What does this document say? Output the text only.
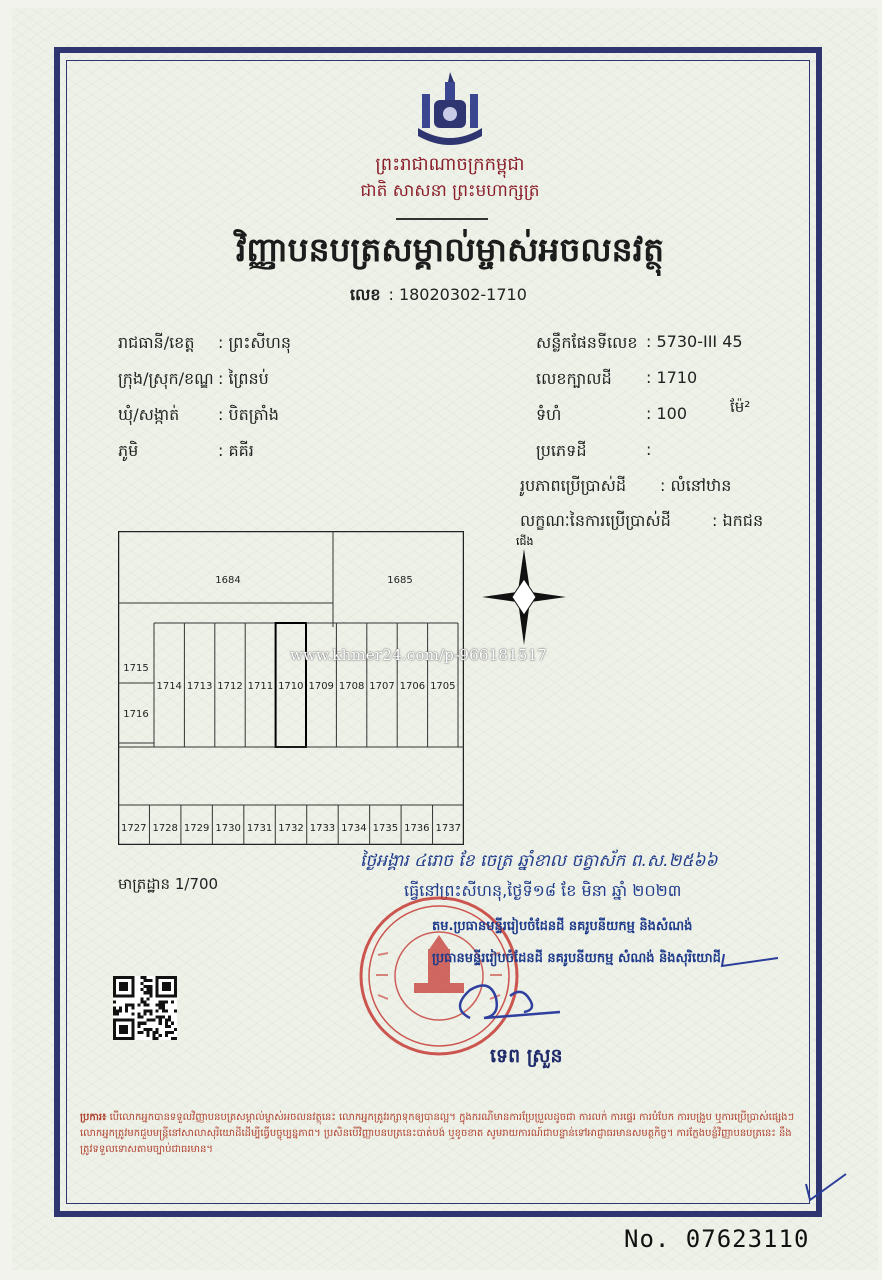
ព្រះរាជាណាចក្រកម្ពុជា
ជាតិ សាសនា ព្រះមហាក្សត្រ
វិញ្ញាបនបត្រសម្គាល់ម្ចាស់អចលនវត្ថុ
លេខ : 18020302-1710
រាជធានី/ខេត្ត : ព្រះសីហនុ
ក្រុង/ស្រុក/ខណ្ឌ : ព្រៃនប់
ឃុំ/សង្កាត់ : បិតត្រាំង
ភូមិ	: គគីរ
សន្លឹកផែនទីលេខ : 5730-III 45
លេខក្បាលដី : 1710
ទំហំ	: 100	ម៉ែ²
ប្រភេទដី	:
រូបភាពប្រើប្រាស់ដី : លំនៅឋាន
លក្ខណៈនៃការប្រើប្រាស់ដី	: ឯកជន
1684	1685
1715
1716
1714 1713 1712 1711 1710 1709 1708 1707 1706 1705
1727 1728 1729 1730 1731 1732 1733 1734 1735 1736 1737
ជើង
www.khmer24.com/p-966181517
មាត្រដ្ឋាន 1/700
ថ្ងៃអង្គារ ៤រោច ខែ ចេត្រ ឆ្នាំខាល ចត្វាស័ក ព.ស.២៥៦៦
ធ្វើនៅព្រះសីហនុ,ថ្ងៃទី១៨ ខែ មិនា ឆ្នាំ ២០២៣
តម.ប្រធានមន្ទីររៀបចំដែនដី នគរូបនីយកម្ម និងសំណង់
ប្រធានមន្ទីររៀបចំដែនដី នគរូបនីយកម្ម សំណង់ និងសុរិយោដី
ទេព ស្រួន
ប្រការ៖ បើលោកអ្នកបានទទួលវិញ្ញាបនបត្រសម្គាល់ម្ចាស់អចលនវត្ថុនេះ លោកអ្នកត្រូវរក្សាទុកឲ្យបានល្អ។ ក្នុងករណីមានការប្រែប្រួលដូចជា ការលក់ ការផ្ទេរ ការបំបែក ការបង្រួប ឬការប្រើប្រាស់ផ្សេងៗ លោកអ្នកត្រូវមកជួបមន្ត្រីនៅសាលាសុរិយោដីដើម្បីធ្វើបច្ចុប្បន្នភាព។ ប្រសិនបើវិញ្ញាបនបត្រនេះបាត់បង់ ឬខូចខាត សូមរាយការណ៍ជាបន្ទាន់ទៅអាជ្ញាធរមានសមត្ថកិច្ច។ ការក្លែងបន្លំវិញ្ញាបនបត្រនេះ នឹងត្រូវទទួលទោសតាមច្បាប់ជាធរមាន។
No. 07623110
